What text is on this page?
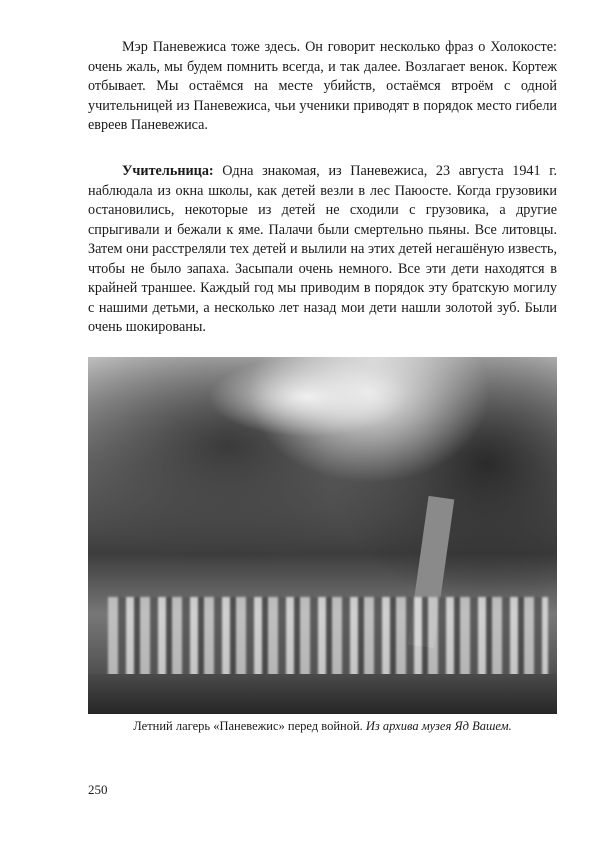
Мэр Паневежиса тоже здесь. Он говорит несколько фраз о Холокосте:
очень жаль, мы будем помнить всегда, и так далее. Возлагает венок. Кортеж
отбывает. Мы остаёмся на месте убийств, остаёмся втроём с одной
учительницей из Паневежиса, чьи ученики приводят в порядок место гибели
евреев Паневежиса.
Учительница: Одна знакомая, из Паневежиса, 23 августа 1941 г.
наблюдала из окна школы, как детей везли в лес Паюосте. Когда грузовики
остановились, некоторые из детей не сходили с грузовика, а другие
спрыгивали и бежали к яме. Палачи были смертельно пьяны. Все литовцы.
Затем они расстреляли тех детей и вылили на этих детей негашёную известь,
чтобы не было запаха. Засыпали очень немного. Все эти дети находятся в
крайней траншее. Каждый год мы приводим в порядок эту братскую могилу
с нашими детьми, а несколько лет назад мои дети нашли золотой зуб. Были
очень шокированы.
Летний лагерь «Паневежис» перед войной. Из архива музея Яд Вашем.
250
